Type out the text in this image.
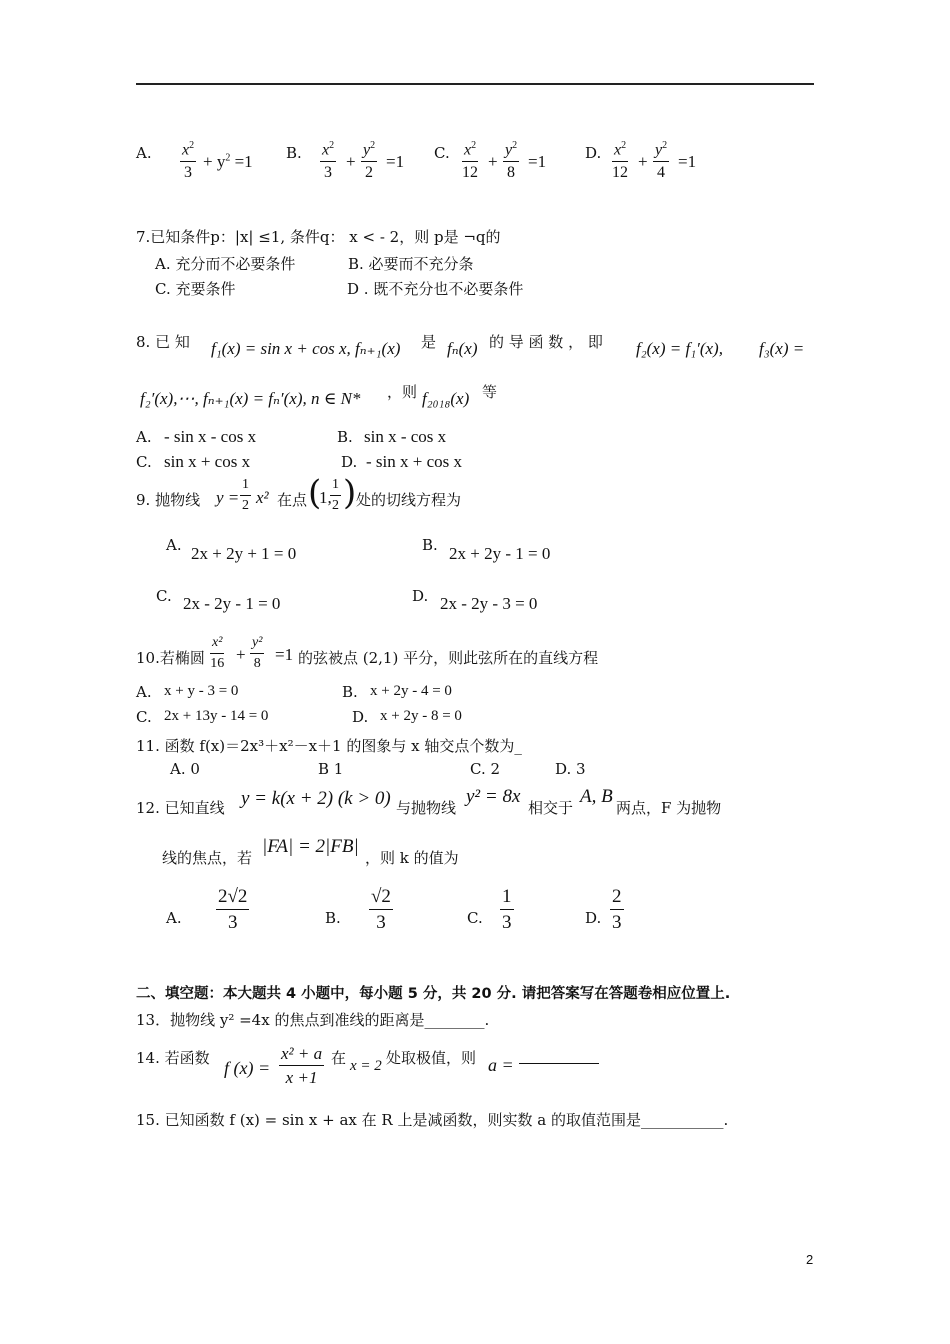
A. $\frac{x^2}{3} + y^2 =1$ B. $\frac{x^2}{3} + \frac{y^2}{2} =1$ C. $\frac{x^2}{12} + \frac{y^2}{8} =1$	D. $\frac{x^2}{12} + \frac{y^2}{4} =1$
7.已知条件p：|x| ≤1, 条件q： x < - 2，则 p是 ¬q的
A. 充分而不必要条件	B. 必要而不充分条
C. 充要条件	D . 既不充分也不必要条件
8. 已 知 f₁(x) = sin x + cos x, fₙ₊₁(x) 是 fₙ(x) 的 导 函 数 ， 即 f₂(x) = f₁′(x), f₃(x) =
f₂′(x),⋯, fₙ₊₁(x) = fₙ′(x), n ∈ N* ，则 f₂₀₁₈(x) 等
A. - sin x - cos x	B. sin x - cos x
C. sin x + cos x	D. - sin x + cos x
9. 抛物线 $y = \frac{1}{2} x^2$ 在点 (
1,
$\frac{1}{2}$ ) 处的切线方程为
A. 2x + 2y + 1 = 0	B. 2x + 2y - 1 = 0
C. 2x - 2y - 1 = 0	D. 2x - 2y - 3 = 0
10.若椭圆 $\frac{\text{x²}}{16} + \frac{\text{y²}}{8} =1$ 的弦被点 (2,1) 平分，则此弦所在的直线方程
A. x + y - 3 = 0	B. x + 2y - 4 = 0
C. 2x + 13y - 14 = 0	D. x + 2y - 8 = 0
11. 函数 f(x)＝2x³＋x²－x＋1 的图象与 x 轴交点个数为_
A. 0	B 1	C. 2	D. 3
12. 已知直线 y = k(x + 2) (k > 0) 与抛物线
y² = 8x
相交于
A, B
两点，F 为抛物
线的焦点，若
|FA| = 2|FB|
，则 k 的值为
A. $\frac{2√2}{3}$	B. $\frac{√2}{3}$	C. $\frac{1}{3}$	D. $\frac{2}{3}$
二、填空题：本大题共 4 小题中，每小题 5 分，共 20 分. 请把答案写在答题卷相应位置上.
13．抛物线 y² =4x 的焦点到准线的距离是________.
14. 若函数 f $(x) = \frac{\text{x² + a}}{x +1}$ 在 x = 2 处取极值，则 a =
15. 已知函数 f (x) = sin x + ax 在 R 上是减函数，则实数 a 的取值范围是___________.
2
